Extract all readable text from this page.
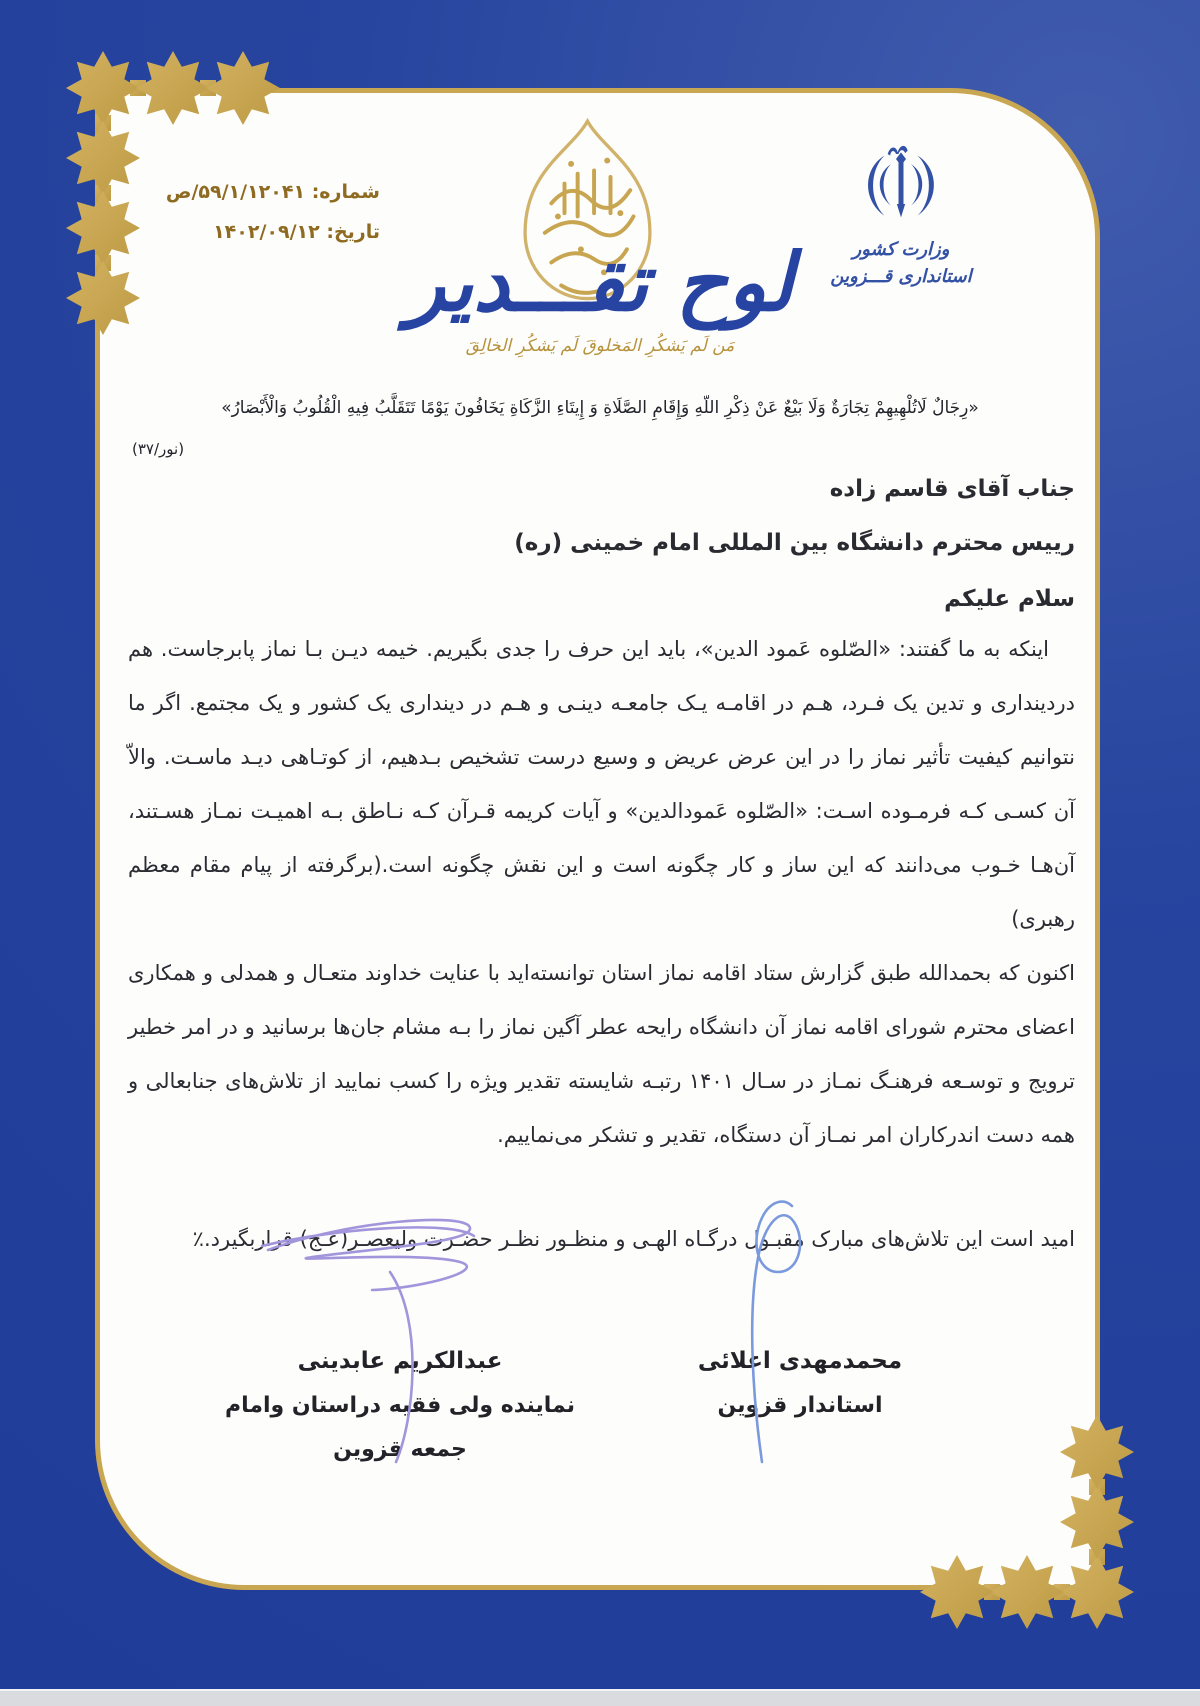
شماره: ۵۹/۱/۱۲۰۴۱/ص
تاریخ: ۱۴۰۲/۰۹/۱۲
لوح تقـــدیر
مَن لَم یَشکُرِ المَخلوقَ لَم یَشکُرِ الخالِقَ
وزارت کشور
استانداری قـــزوین
«رِجَالٌ لَاتُلْهِیهِمْ تِجَارَةٌ وَلَا بَیْعٌ عَنْ ذِکْرِ اللّهِ وَإِقَامِ الصَّلَاةِ وَ إِیتَاءِ الزَّکَاةِ یَخَافُونَ یَوْمًا تَتَقَلَّبُ فِیهِ الْقُلُوبُ وَالْأَبْصَارُ»
(نور/۳۷)
جناب آقای قاسم زاده
رییس محترم دانشگاه بین المللی امام خمینی (ره)
سلام علیکم
اینکه به ما گفتند: «الصّلوه عَمود الدین»، باید این حرف را جدی بگیریم. خیمه دیـن بـا نماز پابرجاست. هم دردینداری و تدین یک فـرد، هـم در اقامـه یـک جامعـه دینـی و هـم در دینداری یک کشور و یک مجتمع. اگر ما نتوانیم کیفیت تأثیر نماز را در این عرض عریض و وسیع درست تشخیص بـدهیم، از کوتـاهی دیـد ماسـت. والاّ آن کسـی کـه فرمـوده اسـت: «الصّلوه عَمودالدین» و آیات کریمه قـرآن کـه نـاطق بـه اهمیـت نمـاز هسـتند، آن‌هـا خـوب می‌دانند که این ساز و کار چگونه است و این نقش چگونه است.(برگرفته از پیام مقام معظم رهبری)
اکنون که بحمدالله طبق گزارش ستاد اقامه نماز استان توانسته‌اید با عنایت خداوند متعـال و همدلی و همکاری اعضای محترم شورای اقامه نماز آن دانشگاه رایحه عطر آگین نماز را بـه مشام جان‌ها برسانید و در امر خطیر ترویج و توسـعه فرهنـگ نمـاز در سـال ۱۴۰۱ رتبـه شایسته تقدیر ویژه را کسب نمایید از تلاش‌های جنابعالی و همه دست اندرکاران امر نمـاز آن دستگاه، تقدیر و تشکر می‌نماییم.
امید است این تلاش‌های مبارک مقبـول درگـاه الهـی و منظـور نظـر حضـرت ولیعصـر(عـج) قراربگیرد.٪
محمدمهدی اعلائی
استاندار قزوین
عبدالکریم عابدینی
نماینده ولی فقیه دراستان وامام جمعه قزوین
